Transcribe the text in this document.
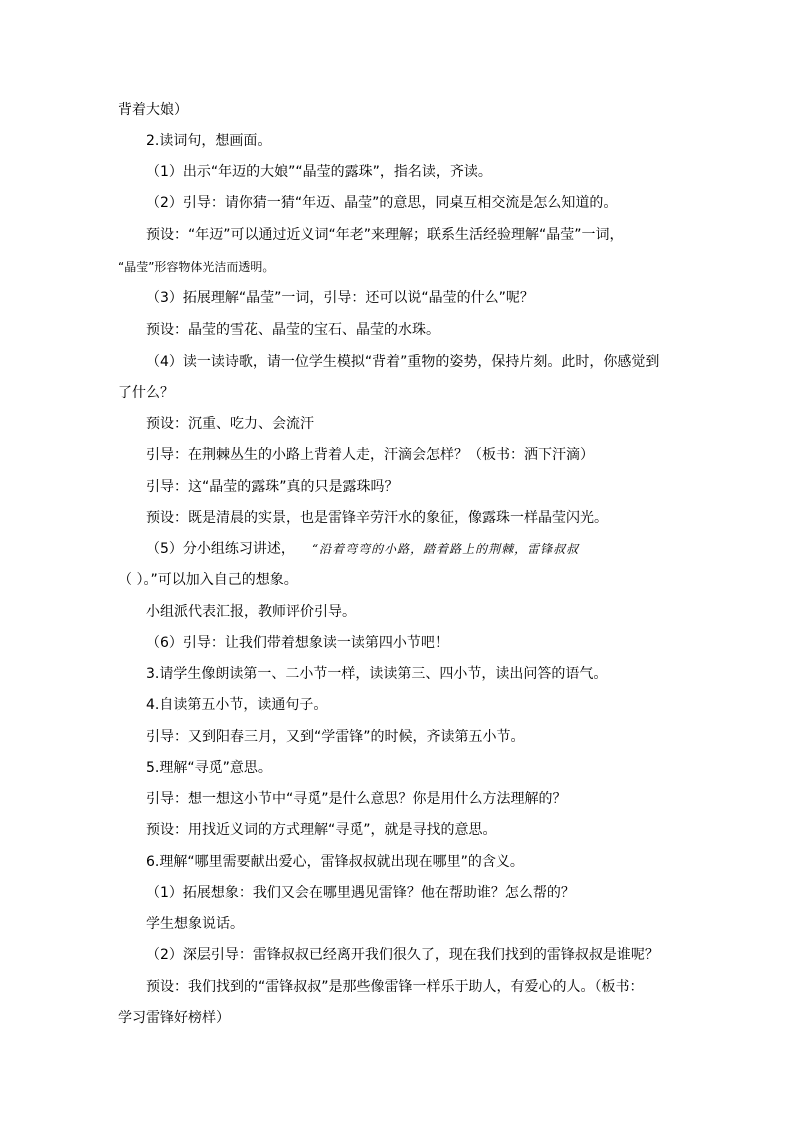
背着大娘）
2.读词句，想画面。
（1）出示“年迈的大娘”“晶莹的露珠”，指名读，齐读。
（2）引导：请你猜一猜“年迈、晶莹”的意思，同桌互相交流是怎么知道的。
预设：“年迈”可以通过近义词“年老”来理解；联系生活经验理解“晶莹”一词，
“晶莹”形容物体光洁而透明。
（3）拓展理解“晶莹”一词，引导：还可以说“晶莹的什么”呢？
预设：晶莹的雪花、晶莹的宝石、晶莹的水珠。
（4）读一读诗歌，请一位学生模拟“背着”重物的姿势，保持片刻。此时，你感觉到
了什么？
预设：沉重、吃力、会流汗
引导：在荆棘丛生的小路上背着人走，汗滴会怎样？（板书：洒下汗滴）
引导：这“晶莹的露珠”真的只是露珠吗？
预设：既是清晨的实景，也是雷锋辛劳汗水的象征，像露珠一样晶莹闪光。
（5）分小组练习讲述， “沿着弯弯的小路，踏着路上的荆棘，雷锋叔叔
（ ）。”可以加入自己的想象。
小组派代表汇报，教师评价引导。
（6）引导：让我们带着想象读一读第四小节吧！
3.请学生像朗读第一、二小节一样，读读第三、四小节，读出问答的语气。
4.自读第五小节，读通句子。
引导：又到阳春三月，又到“学雷锋”的时候，齐读第五小节。
5.理解“寻觅”意思。
引导：想一想这小节中“寻觅”是什么意思？你是用什么方法理解的？
预设：用找近义词的方式理解“寻觅”，就是寻找的意思。
6.理解“哪里需要献出爱心，雷锋叔叔就出现在哪里”的含义。
（1）拓展想象：我们又会在哪里遇见雷锋？他在帮助谁？怎么帮的？
学生想象说话。
（2）深层引导：雷锋叔叔已经离开我们很久了，现在我们找到的雷锋叔叔是谁呢？
预设：我们找到的“雷锋叔叔”是那些像雷锋一样乐于助人，有爱心的人。（板书：
学习雷锋好榜样）
